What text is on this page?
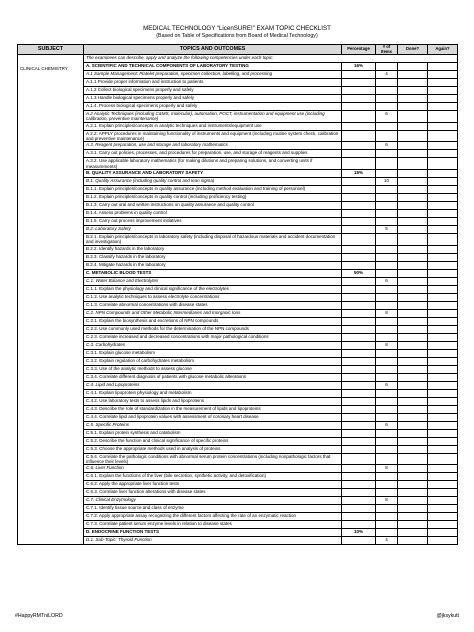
MEDICAL TECHNOLOGY “LicenSURE!” EXAM TOPIC CHECKLIST
(Based on Table of Specifications from Board of Medical Technology)
SUBJECT	TOPICS AND OUTCOMES	Percentage	# of Items	Done?	Again?
CLINICAL CHEMISTRY	The examinees can describe, apply and analyze the following competencies under each topic:				
	A. SCIENTIFIC AND TECHNICAL COMPONENTS OF LABORATORY TESTING	16%			
	A.1 Sample Management: Platelet preparation, specimen collection, labelling, and processing		4		
	A.1.1 Provide proper information and instruction to patients				
	A.1.2 Collect biological specimens properly and safely				
	A.1.3 Handle biological specimens properly and safely				
	A.1.4. Process biological specimens properly and safely				
	A.2 Analytic Techniques (including C&MS, molecular), automation, POCT, instrumentation and equipment use (including calibration, preventive maintenance)		6		
	A.2.1. Explain principles/concepts in analytic techniques and instruments/equipment use				
	A.2.2. APPLY procedures in maintaining functionality of instruments and equipment (including routine system check, calibration and preventive maintenance)				
	A.3. Reagent preparation, use and storage and laboratory mathematics		6		
	A.3.1. Carry out policies, processes, and procedures for preparation, use, and storage of reagents and supplies				
	A.3.2. Use applicable laboratory mathematics (for making dilutions and preparing solutions, and converting units if measurements)				
	B. QUALITY ASSURANCE AND LABORATORY SAFETY	15%			
	B.1. Quality Assurance (including quality control and lean sigma)		10		
	B.1.1. Explain principles/concepts in quality assurance (including method evaluation and training of personnel)				
	B.1.2. Explain principles/concepts in quality control (including proficiency testing)				
	B.1.3. Carry out oral and written instructions on quality assurance and quality control				
	B.1.4. Assess problems in quality control				
	B.1.5. Carry out process improvement initiatives				
	B.2. Laboratory Safety		5		
	B.2.1. Explain principles/concepts in laboratory safety (including disposal of hazardous materials and accident documentation and investigation)				
	B.2.2. Identify hazards in the laboratory				
	B.2.3. Classify hazards in the laboratory				
	B.2.4. Mitigate hazards in the laboratory				
	C. METABOLIC BLOOD TESTS	50%			
	C.1. Water Balance and Electrolytes		6		
	C.1.1. Explain the physiology and clinical significance of the electrolytes				
	C.1.2. Use analytic techniques to assess electrolyte concentrations				
	C.1.3. Correlate abnormal concentrations with disease states				
	C.2. NPN Compounds and Other Metabolic Intermediaries and Inorganic Ions		8		
	C.2.1. Explain the biosynthesis and excretions of NPN compounds				
	C.2.2. Use commonly used methods for the determination of the NPN compounds				
	C.2.3. Correlate increased and decreased concentrations with major pathological conditions				
	C.3. Carbohydrates		8		
	C.3.1. Explain glucose metabolism				
	C.3.2. Explain regulation of carbohydrates metabolism				
	C.3.3. Use of the analytic methods to assess glucose				
	C.3.4. Correlate different diagnosis of patients with glucose metabolic alterations				
	C.4. Lipid and Lipoproteins		6		
	C.4.1. Explain lipoprotein physiology and metabolism				
	C.4.2. Use laboratory tests to assess lipids and lipoproteins				
	C.4.3. Describe the role of standardization in the measurement of lipids and lipoproteins				
	C.4.4. Correlate lipid and lipoprotein values with assessment of coronary heart disease				
	C.5. Specific Proteins		6		
	C.5.1. Explain protein synthesis and catabolism				
	C.5.2. Describe the function and clinical significance of specific proteins				
	C.5.3. Choose the appropriate methods used in analysis of proteins				
	C.5.4. Correlate the pathologic conditions with abnormal serum protein concentrations (including nonpathologic factors that influence their levels)				
	C.6. Liver Function		8		
	C.6.1. Explain the functions of the liver (bile secretion, synthetic activity, and detoxification)				
	C.6.2. Apply the appropriate liver function tests				
	C.6.3. Correlate liver function alterations with disease states				
	C.7. Clinical Enzymology		8		
	C.7.1. Identify tissue source and class of enzyme				
	C.7.2. Apply appropriate assay recognizing the different factors affecting the rate of an enzymatic reaction				
	C.7.3. Correlate patient serum enzyme levels in relation to disease states				
	D. ENDOCRINE FUNCTION TESTS	10%			
	D.1. Sub-Topic: Thyroid Function		4		
#HappyRMTniLORD	@jksykutt
